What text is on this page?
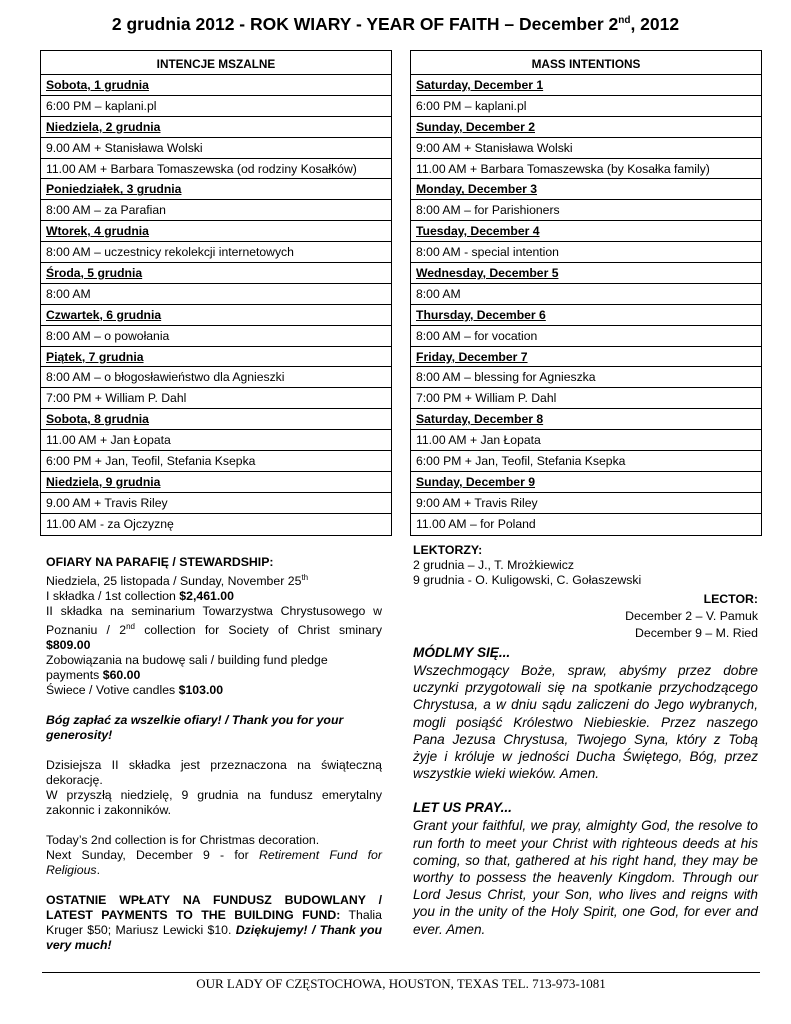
2 grudnia 2012 - ROK WIARY - YEAR OF FAITH – December 2nd, 2012
INTENCJE MSZALNE
Sobota, 1 grudnia
6:00 PM – kaplani.pl
Niedziela, 2 grudnia
9.00 AM + Stanisława Wolski
11.00 AM + Barbara Tomaszewska (od rodziny Kosałków)
Poniedziałek, 3 grudnia
8:00 AM – za Parafian
Wtorek, 4 grudnia
8:00 AM – uczestnicy rekolekcji internetowych
Środa, 5 grudnia
8:00 AM
Czwartek, 6 grudnia
8:00 AM – o powołania
Piątek, 7 grudnia
8:00 AM – o błogosławieństwo dla Agnieszki
7:00 PM + William P. Dahl
Sobota, 8 grudnia
11.00 AM + Jan Łopata
6:00 PM + Jan, Teofil, Stefania Ksepka
Niedziela, 9 grudnia
9.00 AM + Travis Riley
11.00 AM - za Ojczyznę
MASS INTENTIONS
Saturday, December 1
6:00 PM – kaplani.pl
Sunday, December 2
9:00 AM + Stanisława Wolski
11.00 AM + Barbara Tomaszewska (by Kosałka family)
Monday, December 3
8:00 AM – for Parishioners
Tuesday, December 4
8:00 AM - special intention
Wednesday, December 5
8:00 AM
Thursday, December 6
8:00 AM – for vocation
Friday, December 7
8:00 AM – blessing for Agnieszka
7:00 PM + William P. Dahl
Saturday, December 8
11.00 AM + Jan Łopata
6:00 PM + Jan, Teofil, Stefania Ksepka
Sunday, December 9
9:00 AM + Travis Riley
11.00 AM – for Poland

OFIARY NA PARAFIĘ / STEWARDSHIP:

Niedziela, 25 listopada / Sunday, November 25th

I składka / 1st collection $2,461.00

II składka na seminarium Towarzystwa Chrystusowego w Poznaniu / 2nd collection for Society of Christ sminary $809.00

Zobowiązania na budowę sali / building fund pledge payments $60.00

Świece / Votive candles $103.00

Bóg zapłać za wszelkie ofiary! / Thank you for your generosity!

Dzisiejsza II składka jest przeznaczona na świąteczną dekorację.

W przyszłą niedzielę, 9 grudnia na fundusz emerytalny zakonnic i zakonników.

Today’s 2nd collection is for Christmas decoration.

Next Sunday, December 9 - for Retirement Fund for Religious.

OSTATNIE WPŁATY NA FUNDUSZ BUDOWLANY / LATEST PAYMENTS TO THE BUILDING FUND: Thalia Kruger $50; Mariusz Lewicki $10. Dziękujemy! / Thank you very much!

LEKTORZY:

2 grudnia – J., T. Mrożkiewicz

9 grudnia - O. Kuligowski, C. Gołaszewski

LECTOR:

December 2 – V. Pamuk

December 9 – M. Ried

MÓDLMY SIĘ...

Wszechmogący Boże, spraw, abyśmy przez dobre uczynki przygotowali się na spotkanie przychodzącego Chrystusa, a w dniu sądu zaliczeni do Jego wybranych, mogli posiąść Królestwo Niebieskie. Przez naszego Pana Jezusa Chrystusa, Twojego Syna, który z Tobą żyje i króluje w jedności Ducha Świętego, Bóg, przez wszystkie wieki wieków. Amen.

LET US PRAY...

Grant your faithful, we pray, almighty God, the resolve to run forth to meet your Christ with righteous deeds at his coming, so that, gathered at his right hand, they may be worthy to possess the heavenly Kingdom. Through our Lord Jesus Christ, your Son, who lives and reigns with you in the unity of the Holy Spirit, one God, for ever and ever. Amen.

OUR LADY OF CZĘSTOCHOWA, HOUSTON, TEXAS TEL. 713-973-1081
